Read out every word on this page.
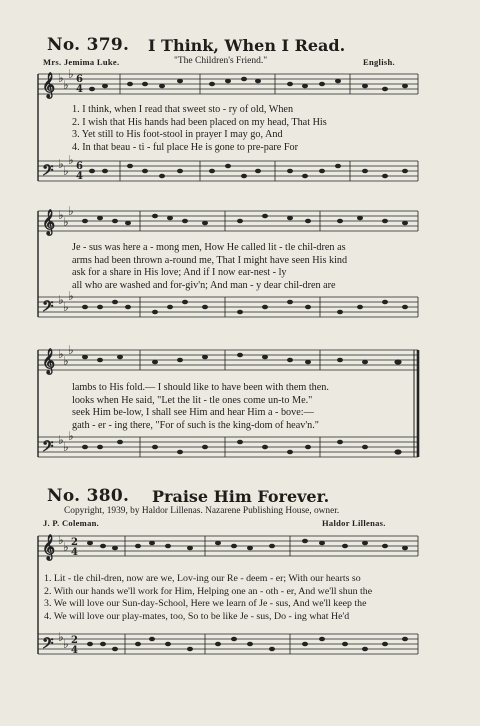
No. 379. I Think, When I Read.
Mrs. Jemima Luke.	"The Children's Friend."	English.
𝄞
𝄢
♭ ♭
♭
♭ ♭
♭
6
4
6
4
1. I think, when I read that sweet sto - ry of old, When
2. I wish that His hands had been placed on my head, That His
3. Yet still to His foot-stool in prayer I may go, And
4. In that beau - ti - ful place He is gone to pre-pare For
𝄞
𝄢
♭ ♭
♭
♭ ♭
♭
Je - sus was here a - mong men, How He called lit - tle chil-dren as
arms had been thrown a-round me, That I might have seen His kind
ask for a share in His love; And if I now ear-nest - ly
all who are washed and for-giv'n; And man - y dear chil-dren are
𝄞
𝄢
♭ ♭
♭
♭ ♭
♭
lambs to His fold.— I should like to have been with them then.
looks when He said, "Let the lit - tle ones come un-to Me."
seek Him be-low, I shall see Him and hear Him a - bove:—
gath - er - ing there, "For of such is the king-dom of heav'n."
No. 380. Praise Him Forever.
Copyright, 1939, by Haldor Lillenas. Nazarene Publishing House, owner.
J. P. Coleman.	Haldor Lillenas.
𝄞
𝄢
♭ ♭
♭ ♭
2
4
2
4
1. Lit - tle chil-dren, now are we, Lov-ing our Re - deem - er; With our hearts so
2. With our hands we'll work for Him, Helping one an - oth - er, And we'll shun the
3. We will love our Sun-day-School, Here we learn of Je - sus, And we'll keep the
4. We will love our play-mates, too, So to be like Je - sus, Do - ing what He'd
